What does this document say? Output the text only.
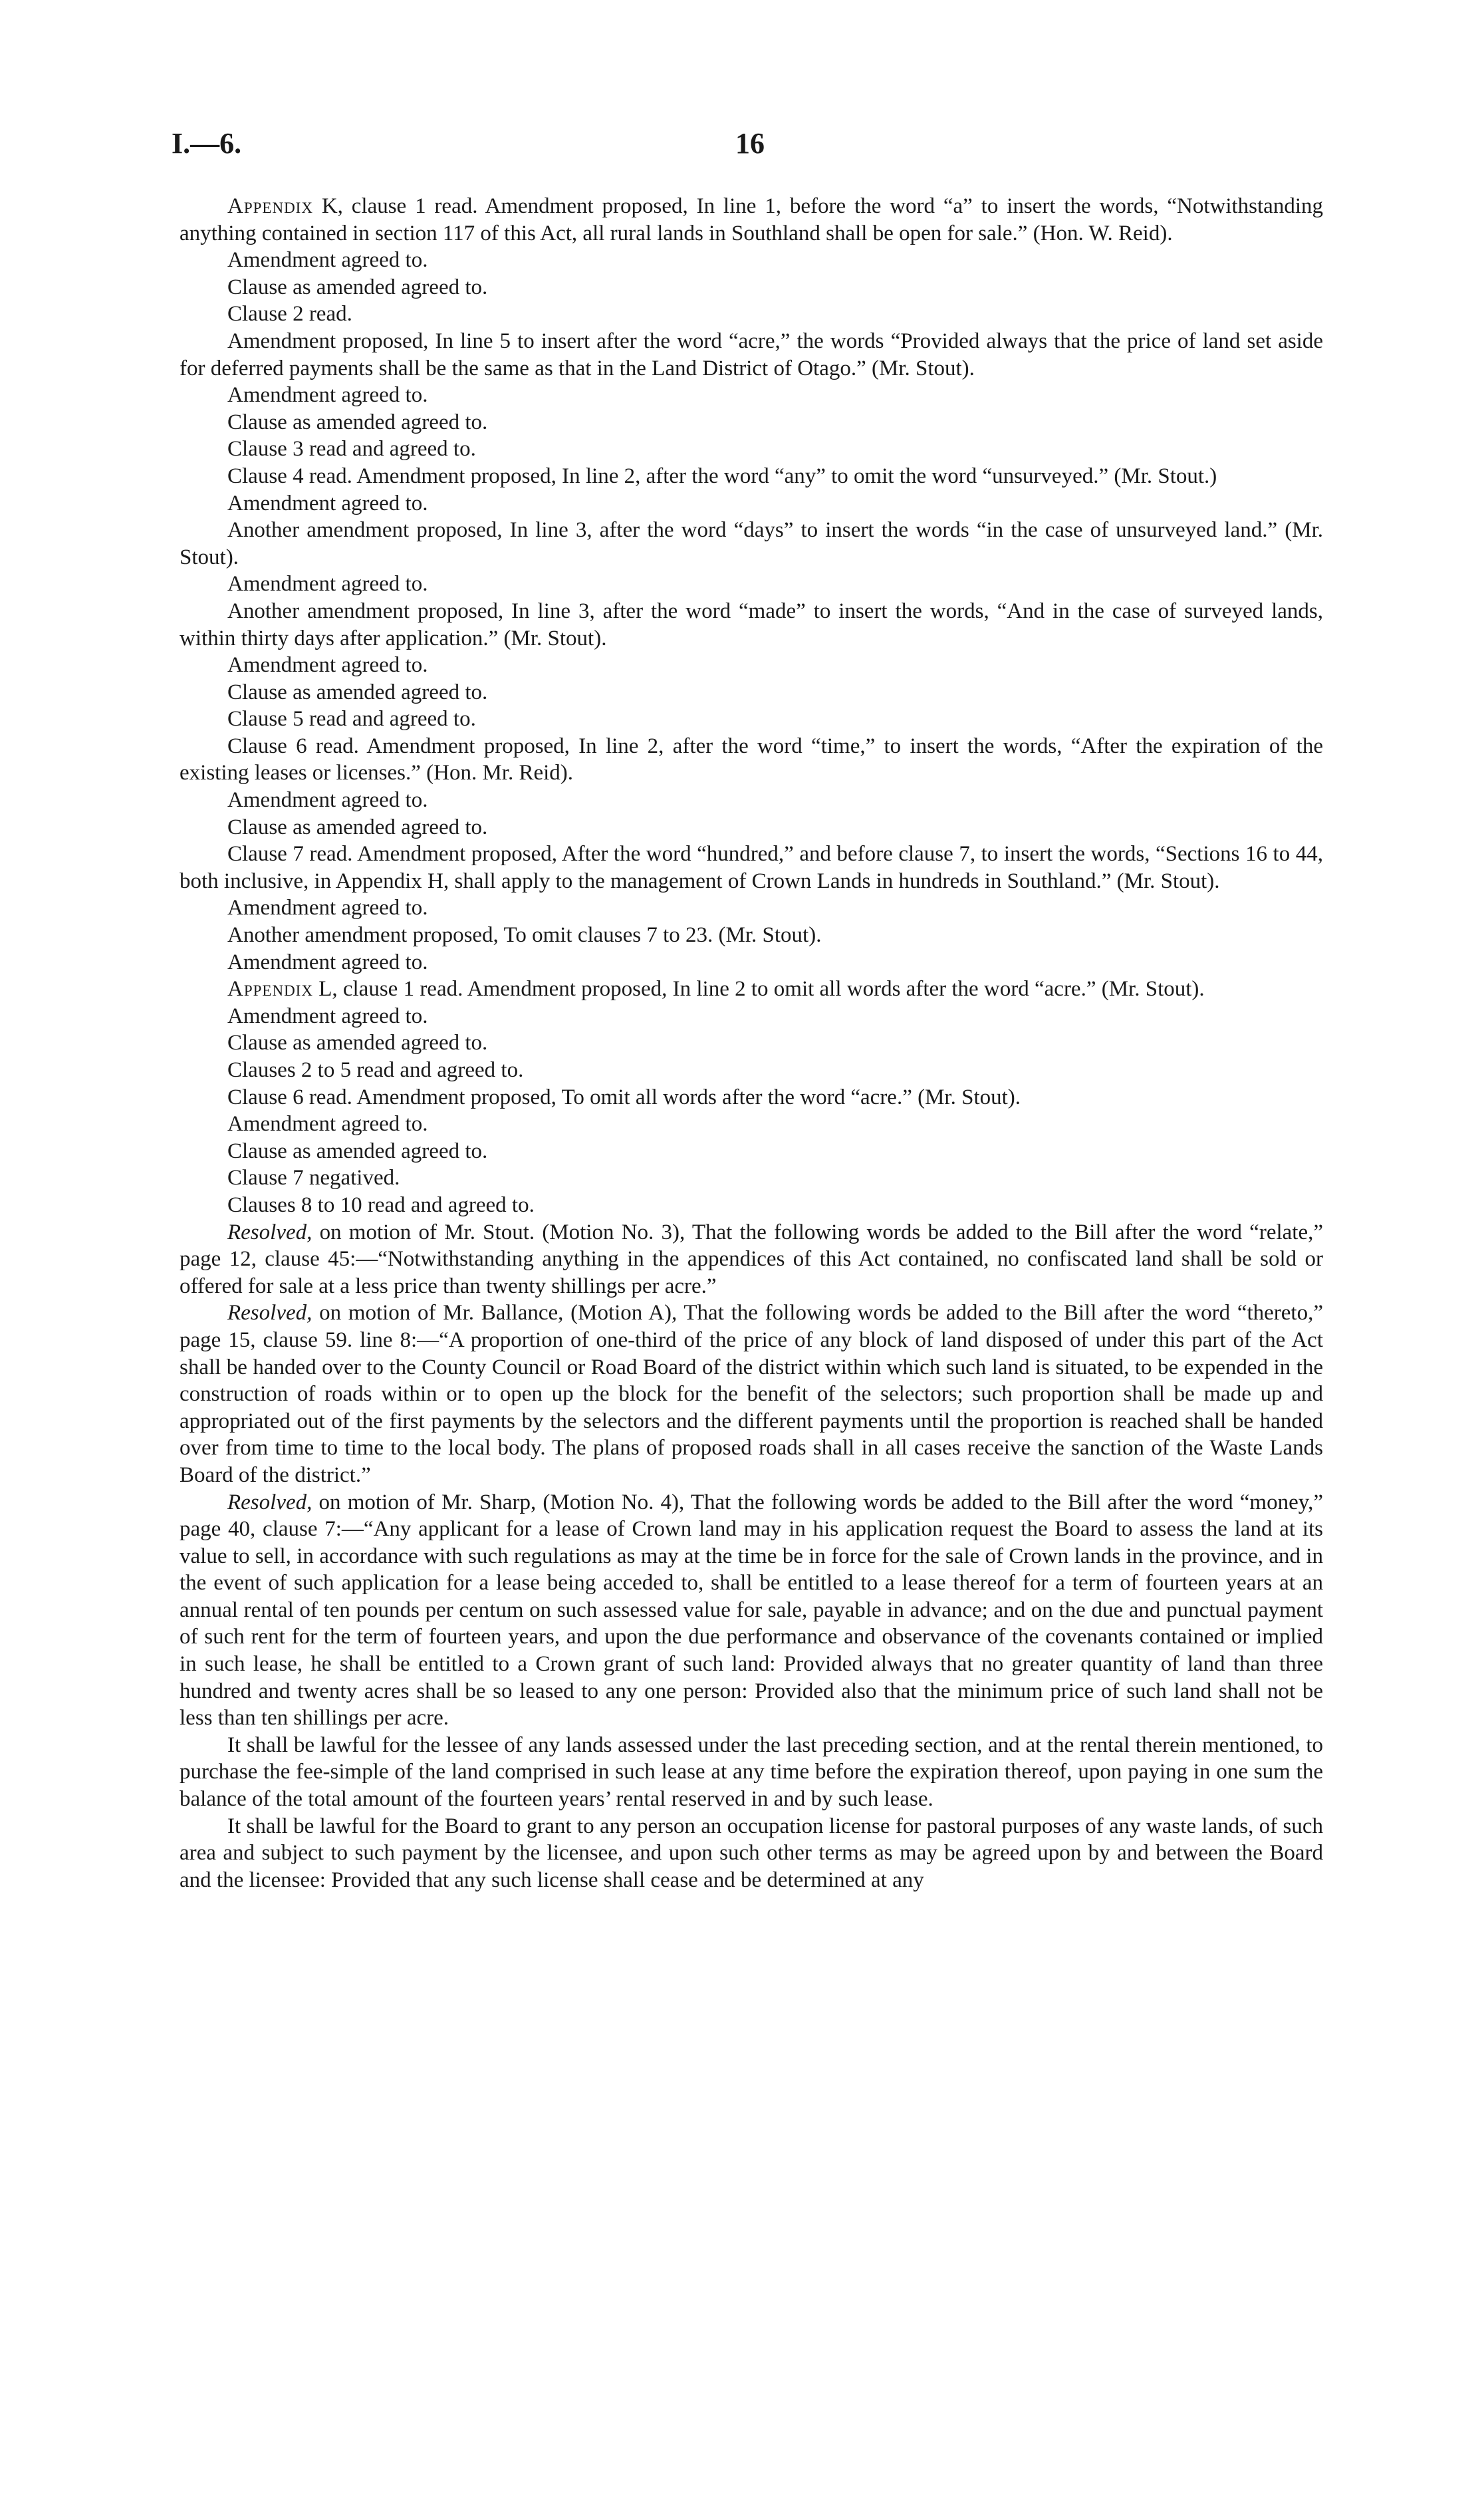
I.—6.	16

Appendix K, clause 1 read. Amendment proposed, In line 1, before the word “a” to insert the words, “Notwithstanding anything contained in section 117 of this Act, all rural lands in Southland shall be open for sale.” (Hon. W. Reid).

Amendment agreed to.

Clause as amended agreed to.

Clause 2 read.

Amendment proposed, In line 5 to insert after the word “acre,” the words “Provided always that the price of land set aside for deferred payments shall be the same as that in the Land District of Otago.” (Mr. Stout).

Amendment agreed to.

Clause as amended agreed to.

Clause 3 read and agreed to.

Clause 4 read. Amendment proposed, In line 2, after the word “any” to omit the word “unsurveyed.” (Mr. Stout.)

Amendment agreed to.

Another amendment proposed, In line 3, after the word “days” to insert the words “in the case of unsurveyed land.” (Mr. Stout).

Amendment agreed to.

Another amendment proposed, In line 3, after the word “made” to insert the words, “And in the case of surveyed lands, within thirty days after application.” (Mr. Stout).

Amendment agreed to.

Clause as amended agreed to.

Clause 5 read and agreed to.

Clause 6 read. Amendment proposed, In line 2, after the word “time,” to insert the words, “After the expiration of the existing leases or licenses.” (Hon. Mr. Reid).

Amendment agreed to.

Clause as amended agreed to.

Clause 7 read. Amendment proposed, After the word “hundred,” and before clause 7, to insert the words, “Sections 16 to 44, both inclusive, in Appendix H, shall apply to the management of Crown Lands in hundreds in Southland.” (Mr. Stout).

Amendment agreed to.

Another amendment proposed, To omit clauses 7 to 23. (Mr. Stout).

Amendment agreed to.

Appendix L, clause 1 read. Amendment proposed, In line 2 to omit all words after the word “acre.” (Mr. Stout).

Amendment agreed to.

Clause as amended agreed to.

Clauses 2 to 5 read and agreed to.

Clause 6 read. Amendment proposed, To omit all words after the word “acre.” (Mr. Stout).

Amendment agreed to.

Clause as amended agreed to.

Clause 7 negatived.

Clauses 8 to 10 read and agreed to.

Resolved, on motion of Mr. Stout. (Motion No. 3), That the following words be added to the Bill after the word “relate,” page 12, clause 45:—“Notwithstanding anything in the appendices of this Act contained, no confiscated land shall be sold or offered for sale at a less price than twenty shillings per acre.”

Resolved, on motion of Mr. Ballance, (Motion A), That the following words be added to the Bill after the word “thereto,” page 15, clause 59. line 8:—“A proportion of one-third of the price of any block of land disposed of under this part of the Act shall be handed over to the County Council or Road Board of the district within which such land is situated, to be expended in the construction of roads within or to open up the block for the benefit of the selectors; such proportion shall be made up and appropriated out of the first payments by the selectors and the different payments until the proportion is reached shall be handed over from time to time to the local body. The plans of proposed roads shall in all cases receive the sanction of the Waste Lands Board of the district.”

Resolved, on motion of Mr. Sharp, (Motion No. 4), That the following words be added to the Bill after the word “money,” page 40, clause 7:—“Any applicant for a lease of Crown land may in his application request the Board to assess the land at its value to sell, in accordance with such regulations as may at the time be in force for the sale of Crown lands in the province, and in the event of such application for a lease being acceded to, shall be entitled to a lease thereof for a term of fourteen years at an annual rental of ten pounds per centum on such assessed value for sale, payable in advance; and on the due and punctual payment of such rent for the term of fourteen years, and upon the due performance and observance of the covenants contained or implied in such lease, he shall be entitled to a Crown grant of such land: Provided always that no greater quantity of land than three hundred and twenty acres shall be so leased to any one person: Provided also that the minimum price of such land shall not be less than ten shillings per acre.

It shall be lawful for the lessee of any lands assessed under the last preceding section, and at the rental therein mentioned, to purchase the fee-simple of the land comprised in such lease at any time before the expiration thereof, upon paying in one sum the balance of the total amount of the fourteen years’ rental reserved in and by such lease.

It shall be lawful for the Board to grant to any person an occupation license for pastoral purposes of any waste lands, of such area and subject to such payment by the licensee, and upon such other terms as may be agreed upon by and between the Board and the licensee: Provided that any such license shall cease and be determined at any
